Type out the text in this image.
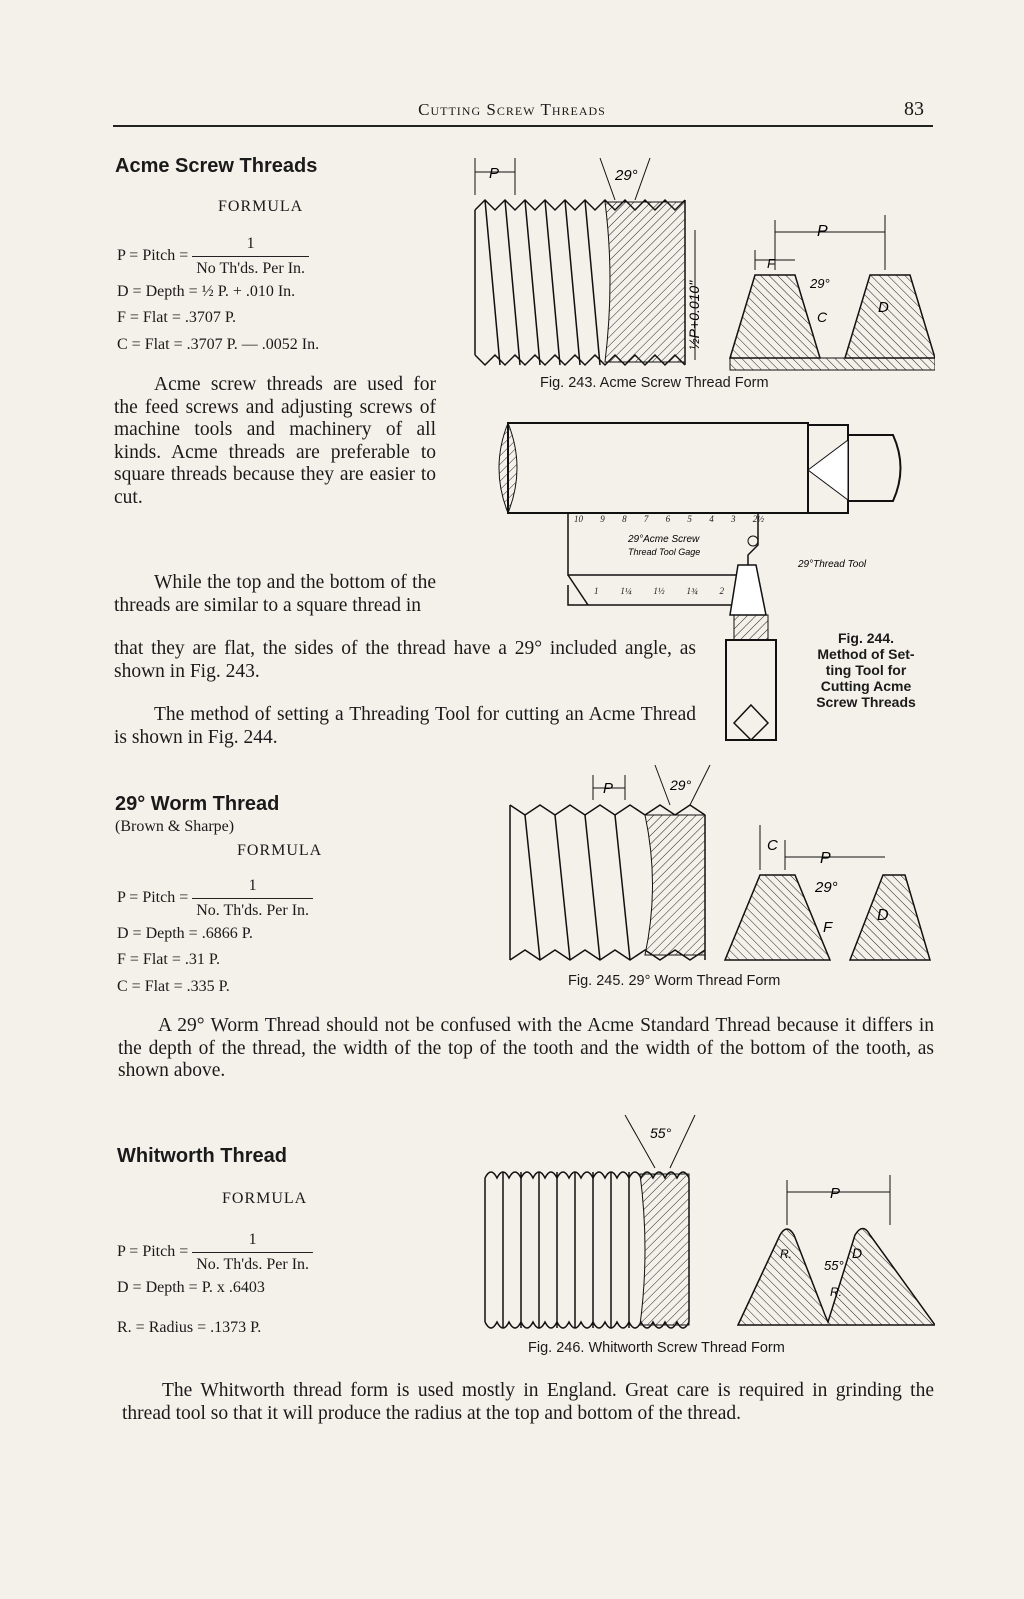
Cutting Screw Threads	83
Acme Screw Threads
FORMULA
P = Pitch = $\frac{1}{\text{No Th'ds. Per In.}}$
D = Depth = ½ P. + .010 In.
F = Flat = .3707 P.
C = Flat = .3707 P. — .0052 In.
Acme screw threads are used for the feed screws and adjusting screws of machine tools and machinery of all kinds. Acme threads are preferable to square threads because they are easier to cut.
While the top and the bottom of the threads are similar to a square thread in
that they are flat, the sides of the thread have a 29° included angle, as shown in Fig. 243.
The method of setting a Threading Tool for cutting an Acme Thread is shown in Fig. 244.
P	29°
½P+0.010"
P
F
29°
C
D
Fig. 243. Acme Screw Thread Form
29°Acme Screw
Thread Tool Gage
29°Thread Tool
10 9 8 7 6 5 4 3 2½
1 1¼ 1½ 1¾ 2
Fig. 244.
Method of Set-
ting Tool for
Cutting Acme
Screw Threads
29° Worm Thread
(Brown & Sharpe)
FORMULA
P = Pitch = $\frac{1}{\text{No. Th'ds. Per In.}}$
D = Depth = .6866 P.
F = Flat = .31 P.
C = Flat = .335 P.
P	29°
C
P
29°
F
D
Fig. 245. 29° Worm Thread Form
A 29° Worm Thread should not be confused with the Acme Standard Thread because it differs in the depth of the thread, the width of the top of the tooth and the width of the bottom of the tooth, as shown above.
Whitworth Thread
FORMULA
P = Pitch = $\frac{1}{\text{No. Th'ds. Per In.}}$
D = Depth = P. x .6403
R. = Radius = .1373 P.
55°
P
R.
55°
D
R.
Fig. 246. Whitworth Screw Thread Form
The Whitworth thread form is used mostly in England. Great care is required in grinding the thread tool so that it will produce the radius at the top and bottom of the thread.
